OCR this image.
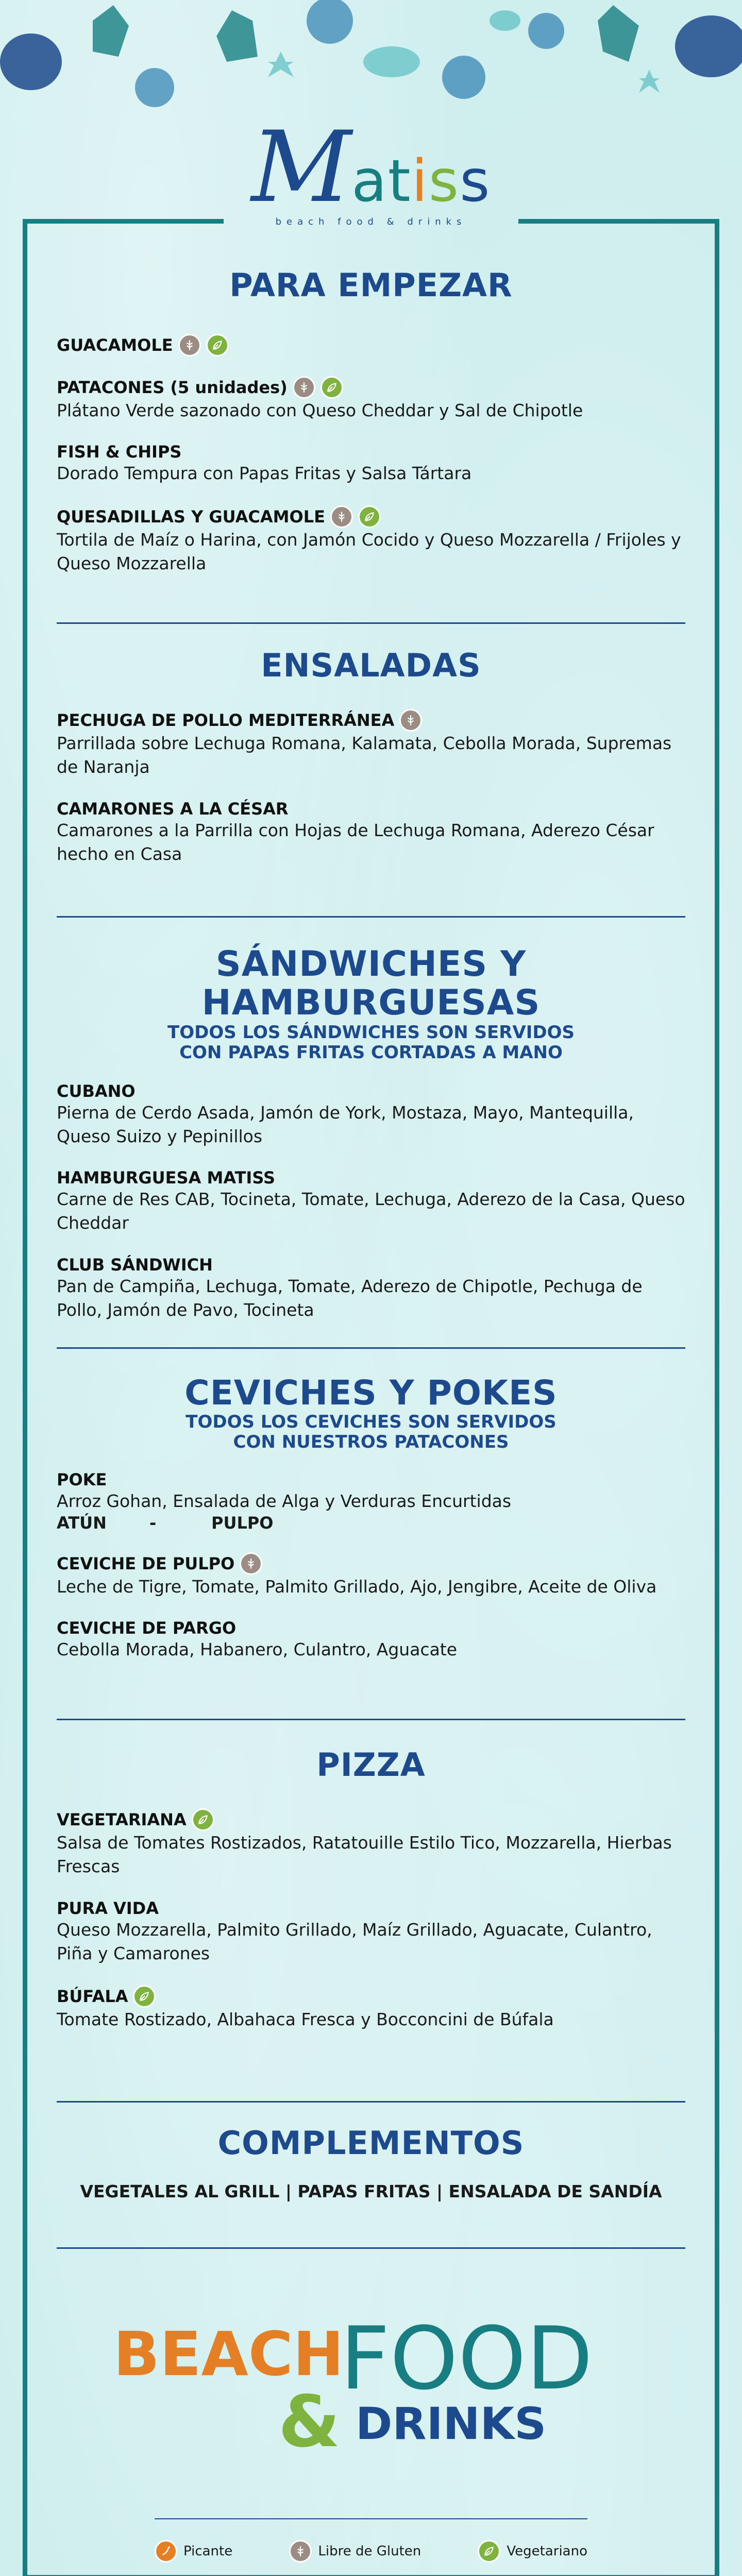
Matiss
beach food & drinks
PARA EMPEZAR
GUACAMOLE
PATACONES (5 unidades)
Plátano Verde sazonado con Queso Cheddar y Sal de Chipotle
FISH & CHIPS
Dorado Tempura con Papas Fritas y Salsa Tártara
QUESADILLAS Y GUACAMOLE
Tortila de Maíz o Harina, con Jamón Cocido y Queso Mozzarella / Frijoles y Queso Mozzarella
ENSALADAS
PECHUGA DE POLLO MEDITERRÁNEA
Parrillada sobre Lechuga Romana, Kalamata, Cebolla Morada, Supremas de Naranja
CAMARONES A LA CÉSAR
Camarones a la Parrilla con Hojas de Lechuga Romana, Aderezo César hecho en Casa
SÁNDWICHES Y HAMBURGUESAS
TODOS LOS SÁNDWICHES SON SERVIDOS
CON PAPAS FRITAS CORTADAS A MANO
CUBANO
Pierna de Cerdo Asada, Jamón de York, Mostaza, Mayo, Mantequilla, Queso Suizo y Pepinillos
HAMBURGUESA MATISS
Carne de Res CAB, Tocineta, Tomate, Lechuga, Aderezo de la Casa, Queso Cheddar
CLUB SÁNDWICH
Pan de Campiña, Lechuga, Tomate, Aderezo de Chipotle, Pechuga de Pollo, Jamón de Pavo, Tocineta
CEVICHES Y POKES
TODOS LOS CEVICHES SON SERVIDOS
CON NUESTROS PATACONES
POKE
Arroz Gohan, Ensalada de Alga y Verduras Encurtidas
ATÚN	-	PULPO
CEVICHE DE PULPO
Leche de Tigre, Tomate, Palmito Grillado, Ajo, Jengibre, Aceite de Oliva
CEVICHE DE PARGO
Cebolla Morada, Habanero, Culantro, Aguacate
PIZZA
VEGETARIANA
Salsa de Tomates Rostizados, Ratatouille Estilo Tico, Mozzarella, Hierbas Frescas
PURA VIDA
Queso Mozzarella, Palmito Grillado, Maíz Grillado, Aguacate, Culantro, Piña y Camarones
BÚFALA
Tomate Rostizado, Albahaca Fresca y Bocconcini de Búfala
COMPLEMENTOS
VEGETALES AL GRILL | PAPAS FRITAS | ENSALADA DE SANDÍA
BEACH
FOOD
& DRINKS
Picante	Libre de Gluten	Vegetariano
